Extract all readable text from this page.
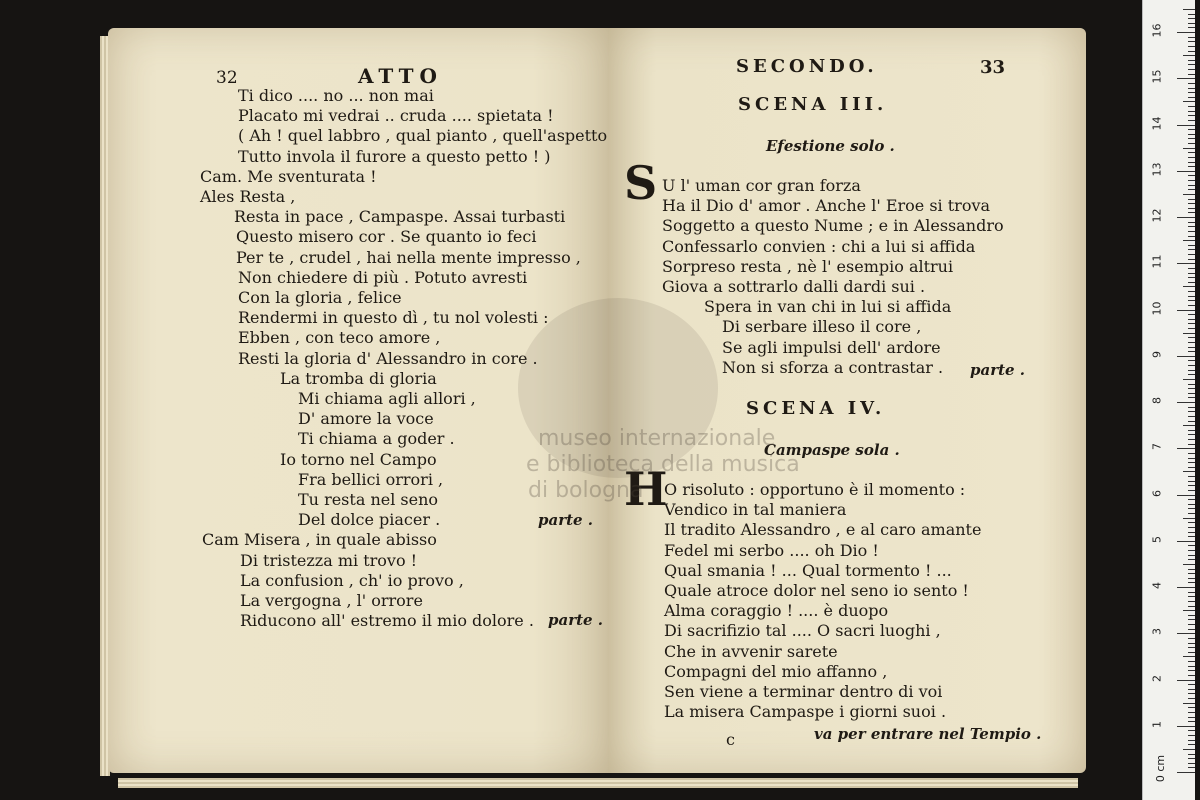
32	ATTO
Ti dico .... no ... non mai
Placato mi vedrai .. cruda .... spietata !
( Ah ! quel labbro , qual pianto , quell'aspetto
Tutto invola il furore a questo petto ! )
Cam. Me sventurata !
Ales Resta ,
Resta in pace , Campaspe. Assai turbasti
Questo misero cor . Se quanto io feci
Per te , crudel , hai nella mente impresso ,
Non chiedere di più . Potuto avresti
Con la gloria , felice
Rendermi in questo dì , tu nol volesti :
Ebben , con teco amore ,
Resti la gloria d' Alessandro in core .
La tromba di gloria
Mi chiama agli allori ,
D' amore la voce
Ti chiama a goder .
Io torno nel Campo
Fra bellici orrori ,
Tu resta nel seno
Del dolce piacer .
Cam Misera , in quale abisso
Di tristezza mi trovo !
La confusion , ch' io provo ,
La vergogna , l' orrore
Riducono all' estremo il mio dolore .
parte .
parte .
SECONDO.	33
SCENA III.
Efestione solo .
S U l' uman cor gran forza
Ha il Dio d' amor . Anche l' Eroe si trova
Soggetto a questo Nume ; e in Alessandro
Confessarlo convien : chi a lui si affida
Sorpreso resta , nè l' esempio altrui
Giova a sottrarlo dalli dardi sui .
Spera in van chi in lui si affida
Di serbare illeso il core ,
Se agli impulsi dell' ardore
Non si sforza a contrastar . parte .
SCENA IV.
Campaspe sola .
H
O risoluto : opportuno è il momento :
Vendico in tal maniera
Il tradito Alessandro , e al caro amante
Fedel mi serbo .... oh Dio !
Qual smania ! ... Qual tormento ! ...
Quale atroce dolor nel seno io sento !
Alma coraggio ! .... è duopo
Di sacrifizio tal .... O sacri luoghi ,
Che in avvenir sarete
Compagni del mio affanno ,
Sen viene a terminar dentro di voi
La misera Campaspe i giorni suoi .
c	va per entrare nel Tempio .
museo internazionale
e biblioteca della musica
di bologna
0 cm
1
2
3
4
5
6
7
8
9
10
11
12
13
14
15
16
